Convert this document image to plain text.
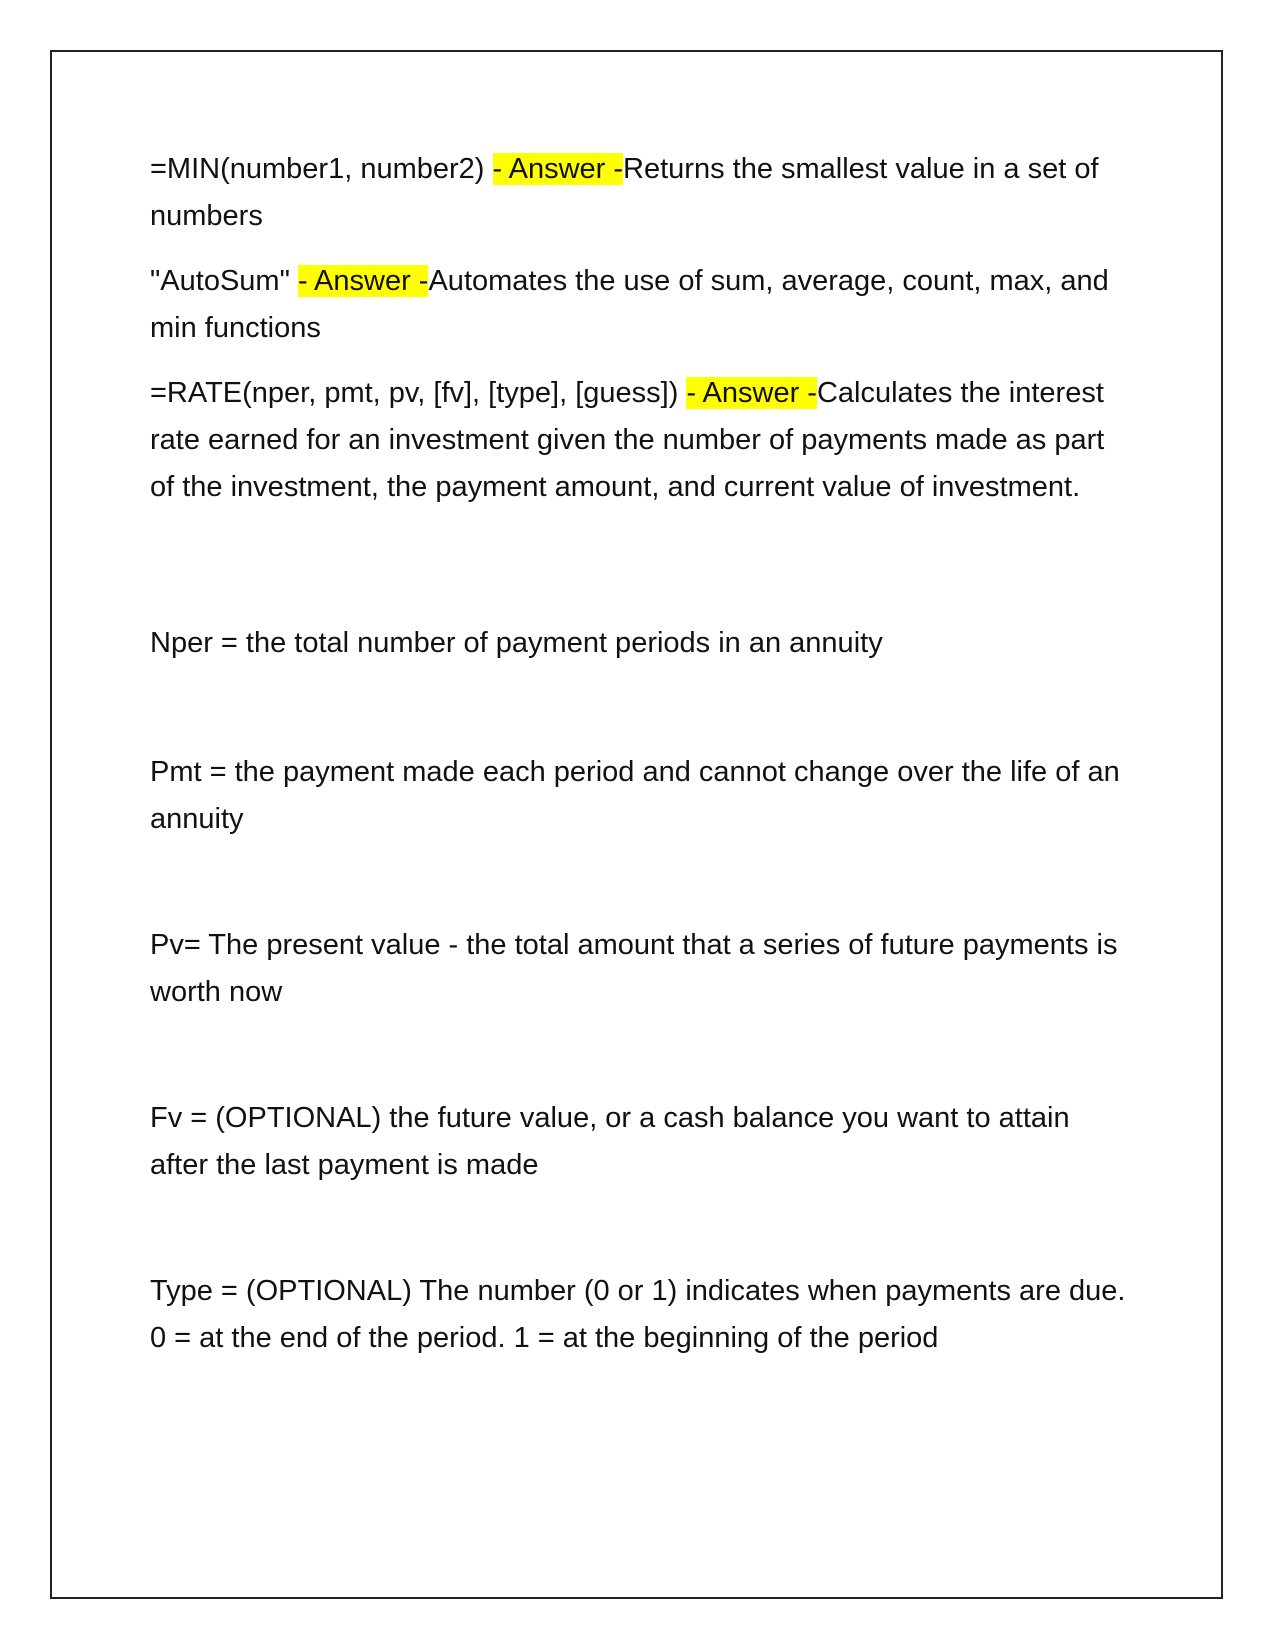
=MIN(number1, number2) - Answer -Returns the smallest value in a set of numbers

"AutoSum" - Answer -Automates the use of sum, average, count, max, and min functions

=RATE(nper, pmt, pv, [fv], [type], [guess]) - Answer -Calculates the interest rate earned for an investment given the number of payments made as part of the investment, the payment amount, and current value of investment.

Nper = the total number of payment periods in an annuity

Pmt = the payment made each period and cannot change over the life of an annuity

Pv= The present value - the total amount that a series of future payments is worth now

Fv = (OPTIONAL) the future value, or a cash balance you want to attain after the last payment is made

Type = (OPTIONAL) The number (0 or 1) indicates when payments are due. 0 = at the end of the period. 1 = at the beginning of the period
